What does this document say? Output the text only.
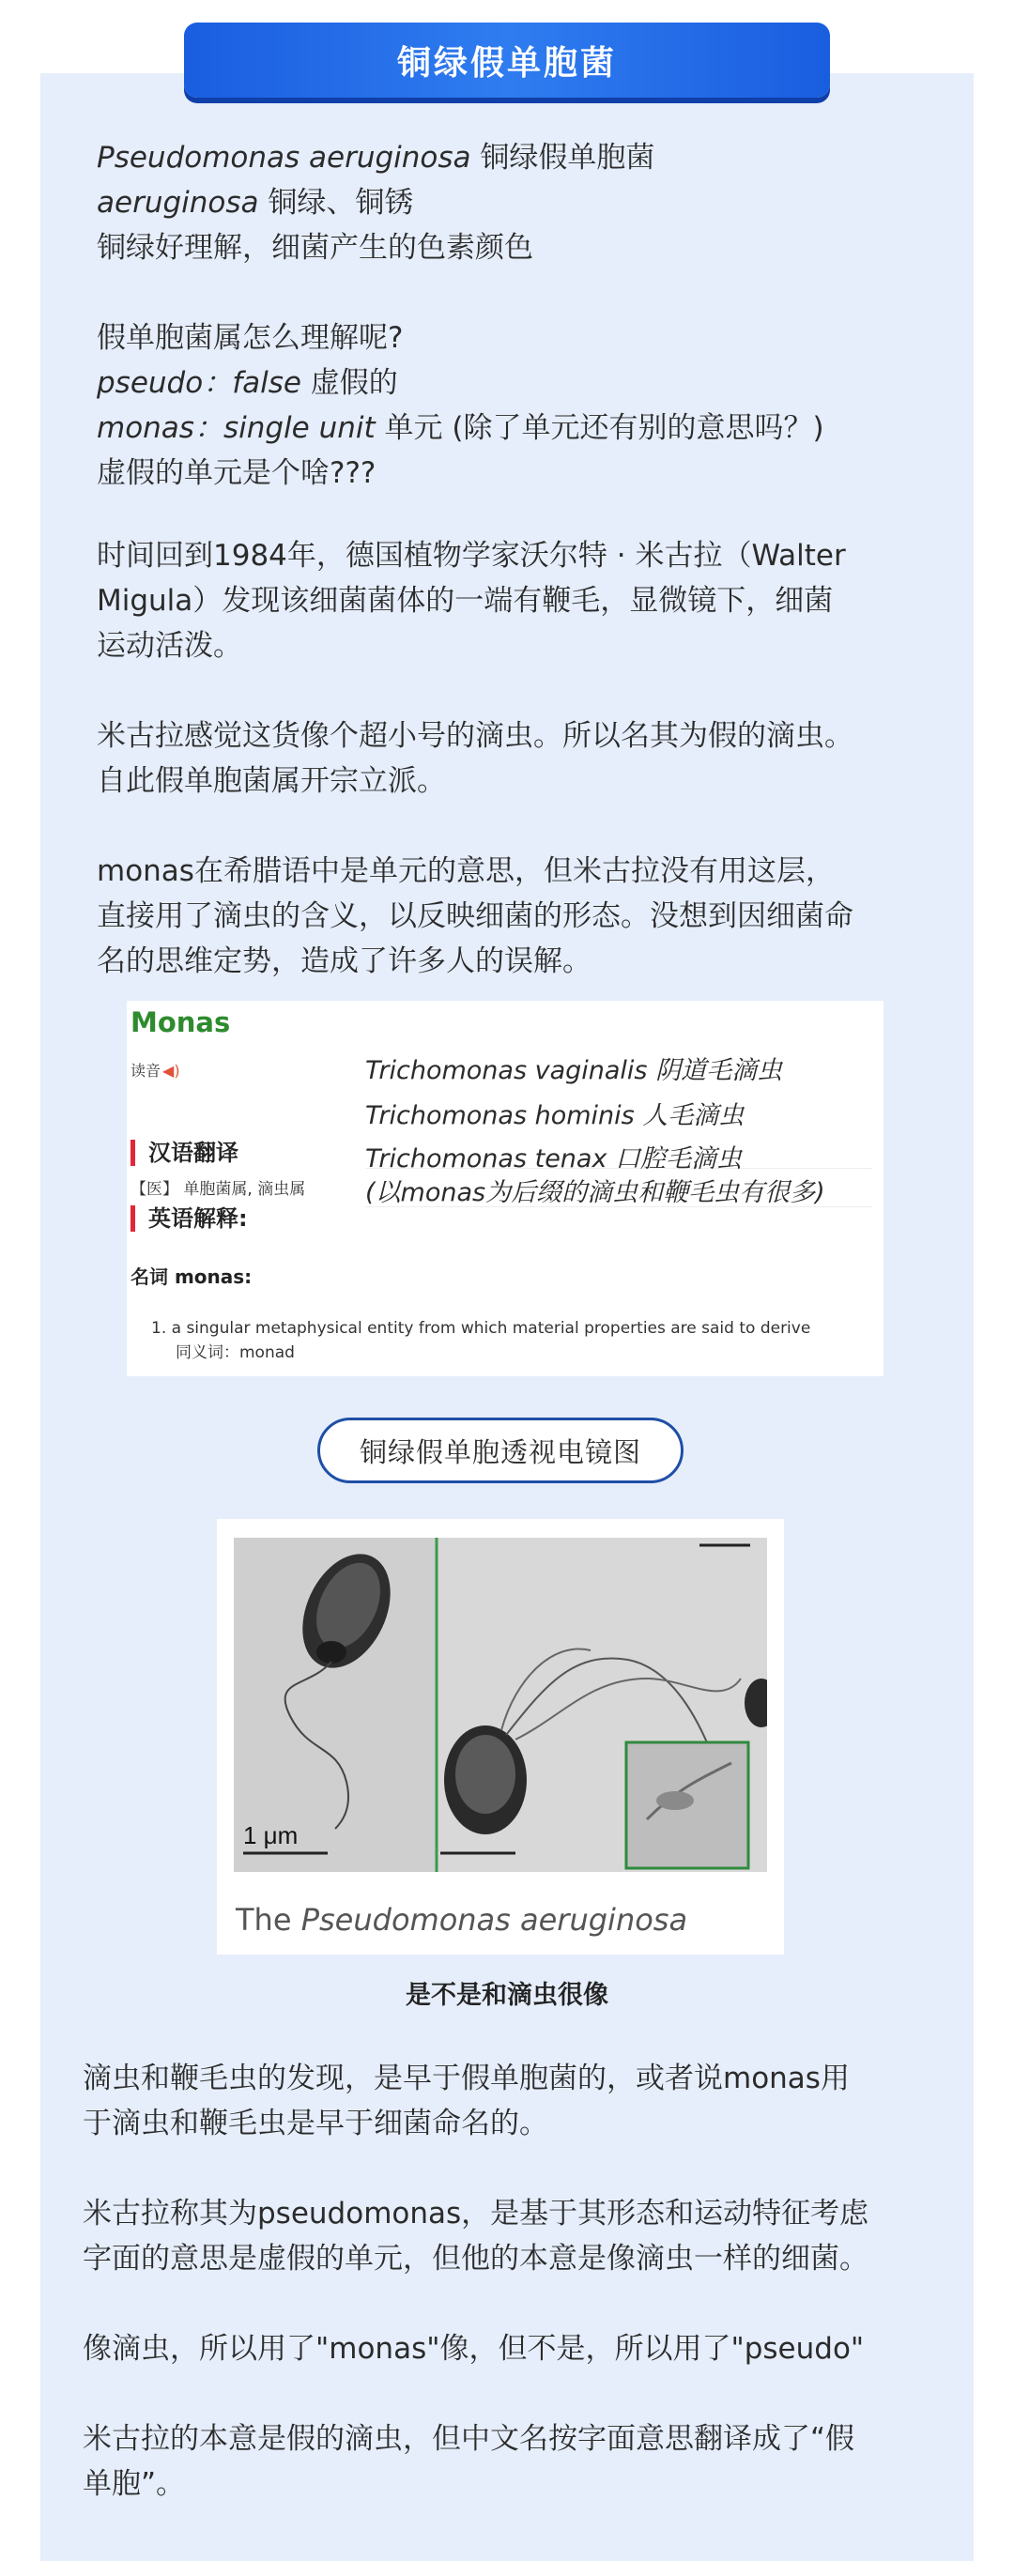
铜绿假单胞菌

Pseudomonas aeruginosa 铜绿假单胞菌

aeruginosa 铜绿、铜锈

铜绿好理解，细菌产生的色素颜色

假单胞菌属怎么理解呢?

pseudo：false 虚假的

monas：single unit 单元 (除了单元还有别的意思吗？)

虚假的单元是个啥???

时间回到1984年，德国植物学家沃尔特 · 米古拉（Walter

Migula）发现该细菌菌体的一端有鞭毛，显微镜下，细菌

运动活泼。

米古拉感觉这货像个超小号的滴虫。所以名其为假的滴虫。

自此假单胞菌属开宗立派。

monas在希腊语中是单元的意思，但米古拉没有用这层，

直接用了滴虫的含义，以反映细菌的形态。没想到因细菌命

名的思维定势，造成了许多人的误解。

Monas
读音 ◀)
汉语翻译
【医】 单胞菌属, 滴虫属
英语解释:
名词 monas:
1. a singular metaphysical entity from which material properties are said to derive
同义词：monad
Trichomonas vaginalis 阴道毛滴虫
Trichomonas hominis 人毛滴虫
Trichomonas tenax 口腔毛滴虫
(以monas为后缀的滴虫和鞭毛虫有很多)
铜绿假单胞透视电镜图
1 μm
The Pseudomonas aeruginosa
是不是和滴虫很像

滴虫和鞭毛虫的发现，是早于假单胞菌的，或者说monas用

于滴虫和鞭毛虫是早于细菌命名的。

米古拉称其为pseudomonas，是基于其形态和运动特征考虑

字面的意思是虚假的单元，但他的本意是像滴虫一样的细菌。

像滴虫，所以用了"monas"像，但不是，所以用了"pseudo"

米古拉的本意是假的滴虫，但中文名按字面意思翻译成了“假

单胞”。
